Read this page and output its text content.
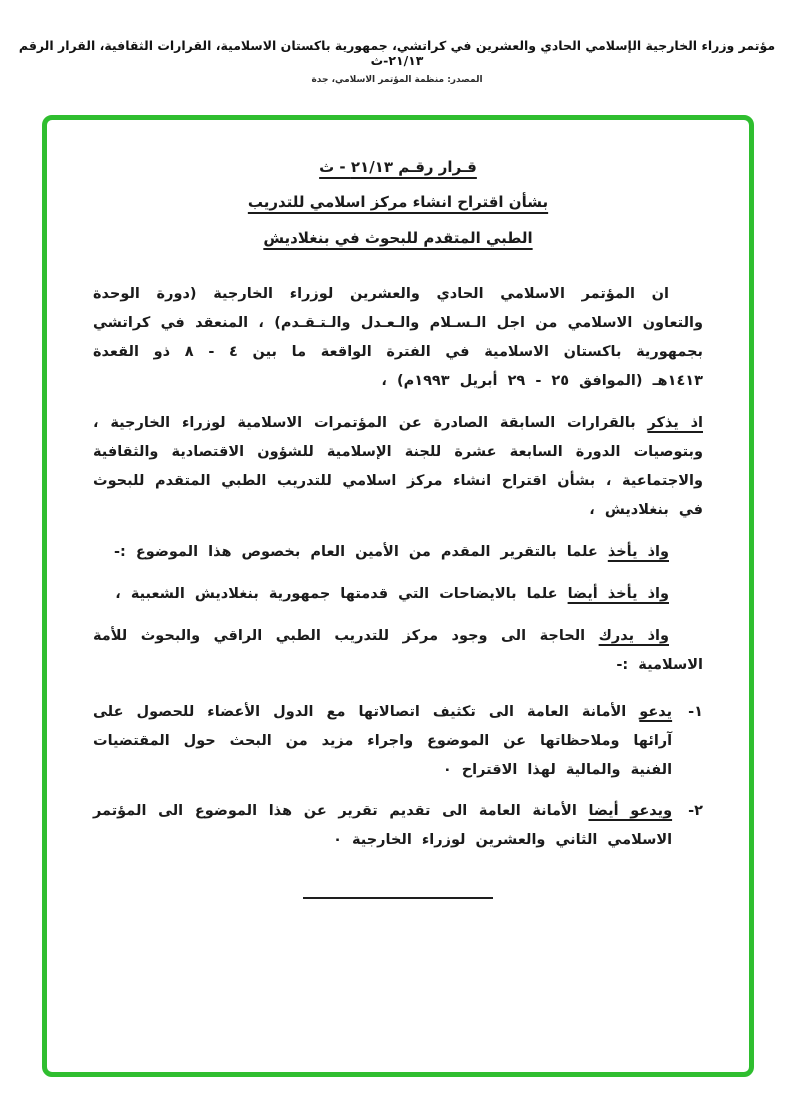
مؤتمر وزراء الخارجية الإسلامي الحادي والعشرين في كراتشي، جمهورية باكستان الاسلامية، القرارات الثقافية، القرار الرقم ٢١/١٣-ث
المصدر: منظمة المؤتمر الاسلامي، جدة
قـرار رقـم ٢١/١٣ - ث
بشأن اقتراح انشاء مركز اسلامي للتدريب
الطبي المتقدم للبحوث في بنغلاديش

ان المؤتمر الاسلامي الحادي والعشرين لوزراء الخارجية (دورة الوحدة والتعاون الاسلامي من اجل الـسـلام والـعـدل والـتـقـدم) ، المنعقد في كراتشي بجمهورية باكستان الاسلامية في الفترة الواقعة ما بين ٤ - ٨ ذو القعدة ١٤١٣هـ (الموافق ٢٥ - ٢٩ أبريل ١٩٩٣م) ،

اذ يذكر بالقرارات السابقة الصادرة عن المؤتمرات الاسلامية لوزراء الخارجية ، وبتوصيات الدورة السابعة عشرة للجنة الإسلامية للشؤون الاقتصادية والثقافية والاجتماعية ، بشأن اقتراح انشاء مركز اسلامي للتدريب الطبي المتقدم للبحوث في بنغلاديش ،

واذ يأخذ علما بالتقرير المقدم من الأمين العام بخصوص هذا الموضوع :-

واذ يأخذ أيضا علما بالايضاحات التي قدمتها جمهورية بنغلاديش الشعبية ،

واذ يدرك الحاجة الى وجود مركز للتدريب الطبي الراقي والبحوث للأمة الاسلامية :-

١-

يدعو الأمانة العامة الى تكثيف اتصالاتها مع الدول الأعضاء للحصول على آرائها وملاحظاتها عن الموضوع واجراء مزيد من البحث حول المقتضيات الفنية والمالية لهذا الاقتراح ٠

٢-

ويدعو أيضا الأمانة العامة الى تقديم تقرير عن هذا الموضوع الى المؤتمر الاسلامي الثاني والعشرين لوزراء الخارجية ٠
